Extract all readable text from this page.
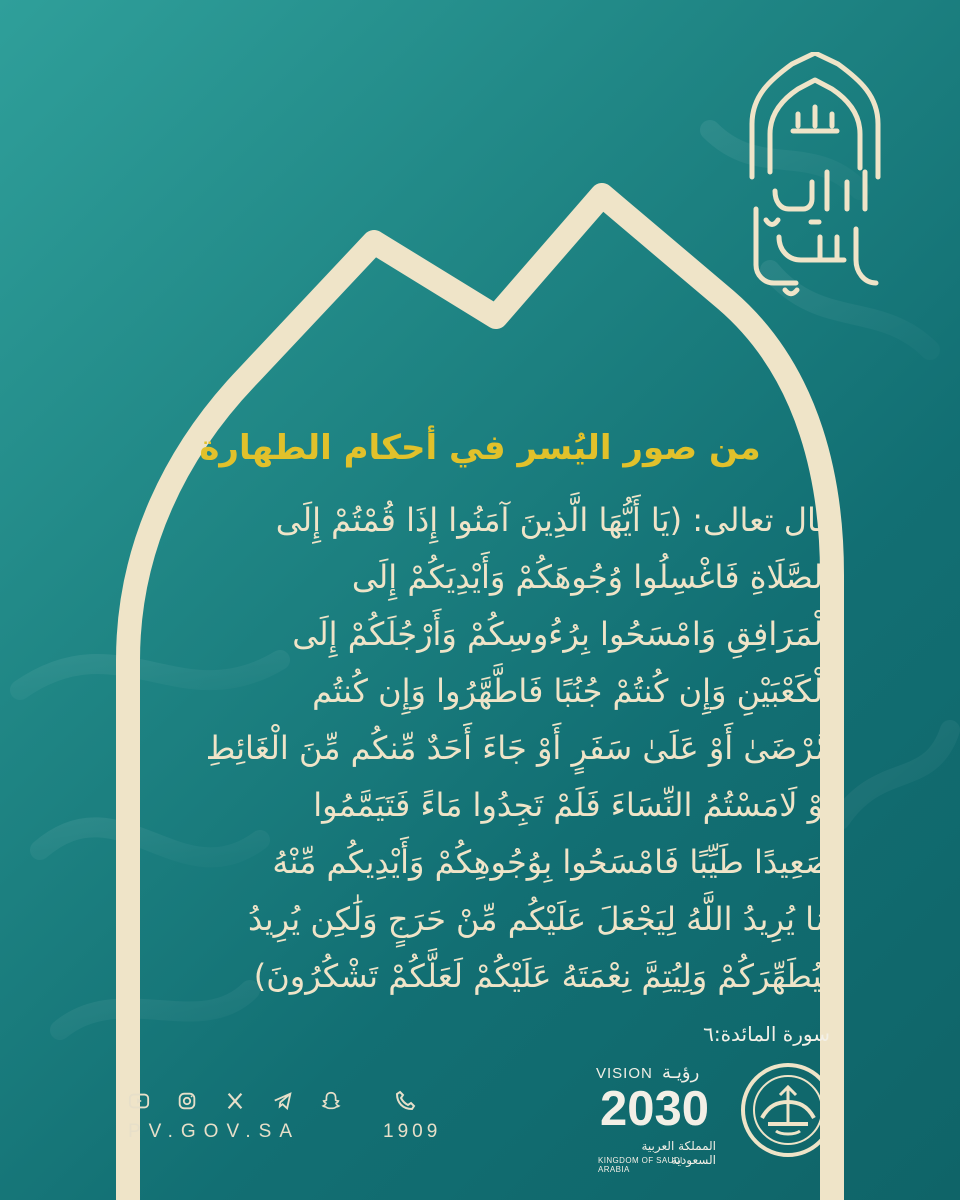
من صور اليُسر في أحكام الطهارة
قال تعالى: (يَا أَيُّهَا الَّذِينَ آمَنُوا إِذَا قُمْتُمْ إِلَى
الصَّلَاةِ فَاغْسِلُوا وُجُوهَكُمْ وَأَيْدِيَكُمْ إِلَى
الْمَرَافِقِ وَامْسَحُوا بِرُءُوسِكُمْ وَأَرْجُلَكُمْ إِلَى
الْكَعْبَيْنِ وَإِن كُنتُمْ جُنُبًا فَاطَّهَّرُوا وَإِن كُنتُم
مَّرْضَىٰ أَوْ عَلَىٰ سَفَرٍ أَوْ جَاءَ أَحَدٌ مِّنكُم مِّنَ الْغَائِطِ
أَوْ لَامَسْتُمُ النِّسَاءَ فَلَمْ تَجِدُوا مَاءً فَتَيَمَّمُوا
صَعِيدًا طَيِّبًا فَامْسَحُوا بِوُجُوهِكُمْ وَأَيْدِيكُم مِّنْهُ
مَا يُرِيدُ اللَّهُ لِيَجْعَلَ عَلَيْكُم مِّنْ حَرَجٍ وَلَٰكِن يُرِيدُ
لِيُطَهِّرَكُمْ وَلِيُتِمَّ نِعْمَتَهُ عَلَيْكُمْ لَعَلَّكُمْ تَشْكُرُونَ)
سورة المائدة:٦
PV.GOV.SA	1909
VISION رؤيـة
2030
المملكة العربية السعودية
KINGDOM OF SAUDI ARABIA
